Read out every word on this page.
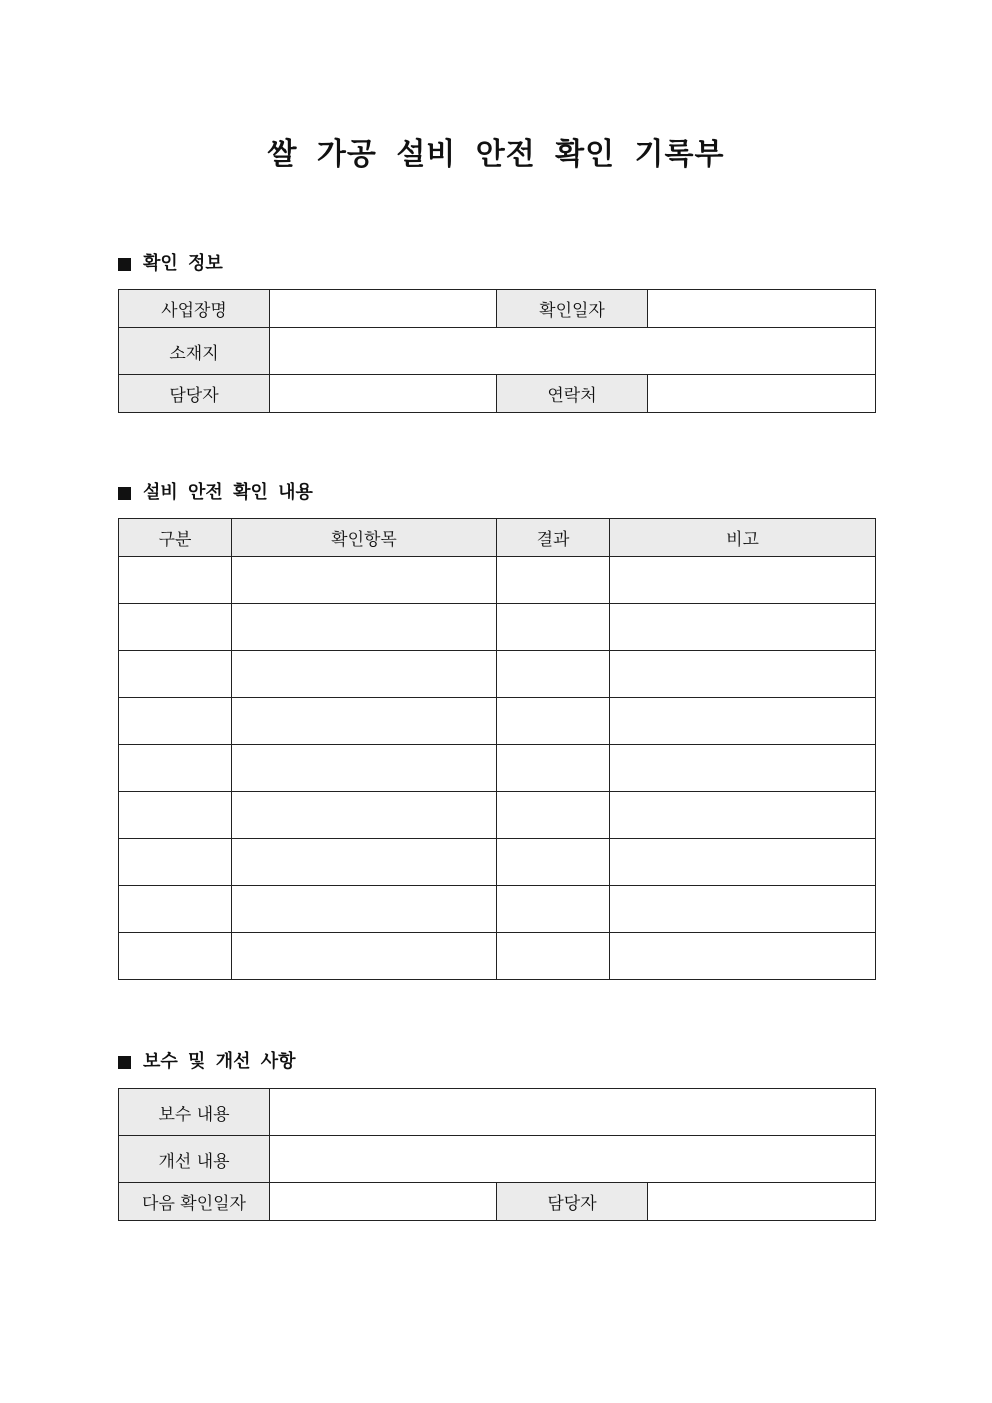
쌀 가공 설비 안전 확인 기록부
확인 정보
사업장명		확인일자	
소재지			
담당자		연락처	
설비 안전 확인 내용
구분	확인항목	결과	비고

보수 및 개선 사항
보수 내용			
개선 내용			
다음 확인일자		담당자	
